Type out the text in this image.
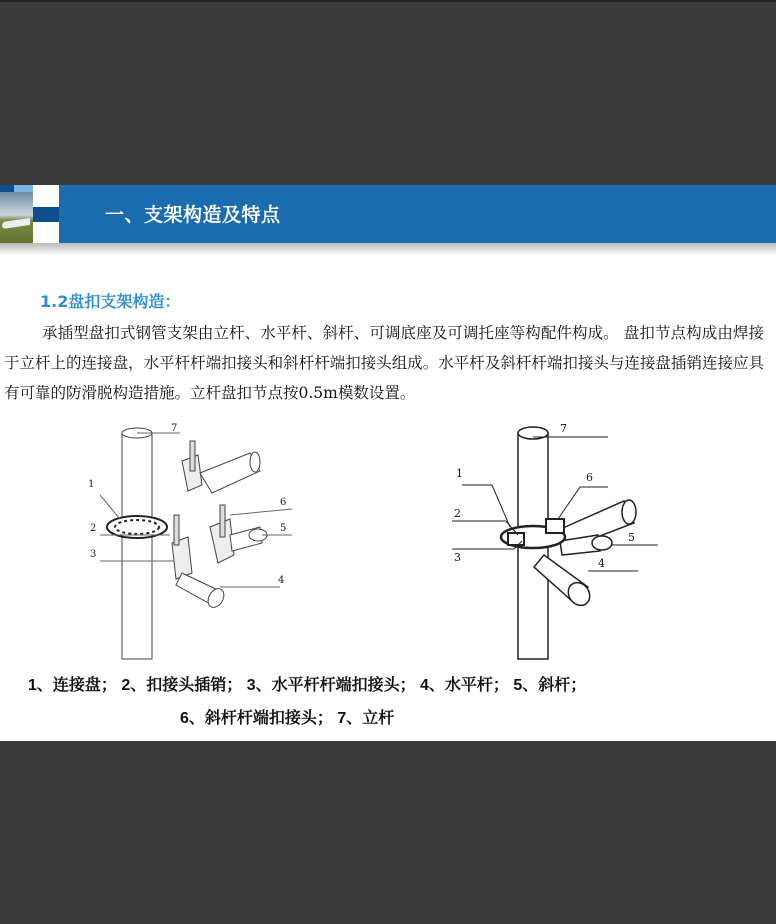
一、支架构造及特点
1.2盘扣支架构造：
承插型盘扣式钢管支架由立杆、水平杆、斜杆、可调底座及可调托座等构配件构成。 盘扣节点构成由焊接于立杆上的连接盘，水平杆杆端扣接头和斜杆杆端扣接头组成。水平杆及斜杆杆端扣接头与连接盘插销连接应具有可靠的防滑脱构造措施。立杆盘扣节点按0.5m模数设置。
7
1
2
3
6
5
4
7
1
2
3
6
5
4
1、连接盘； 2、扣接头插销； 3、水平杆杆端扣接头； 4、水平杆； 5、斜杆；
6、斜杆杆端扣接头； 7、立杆
